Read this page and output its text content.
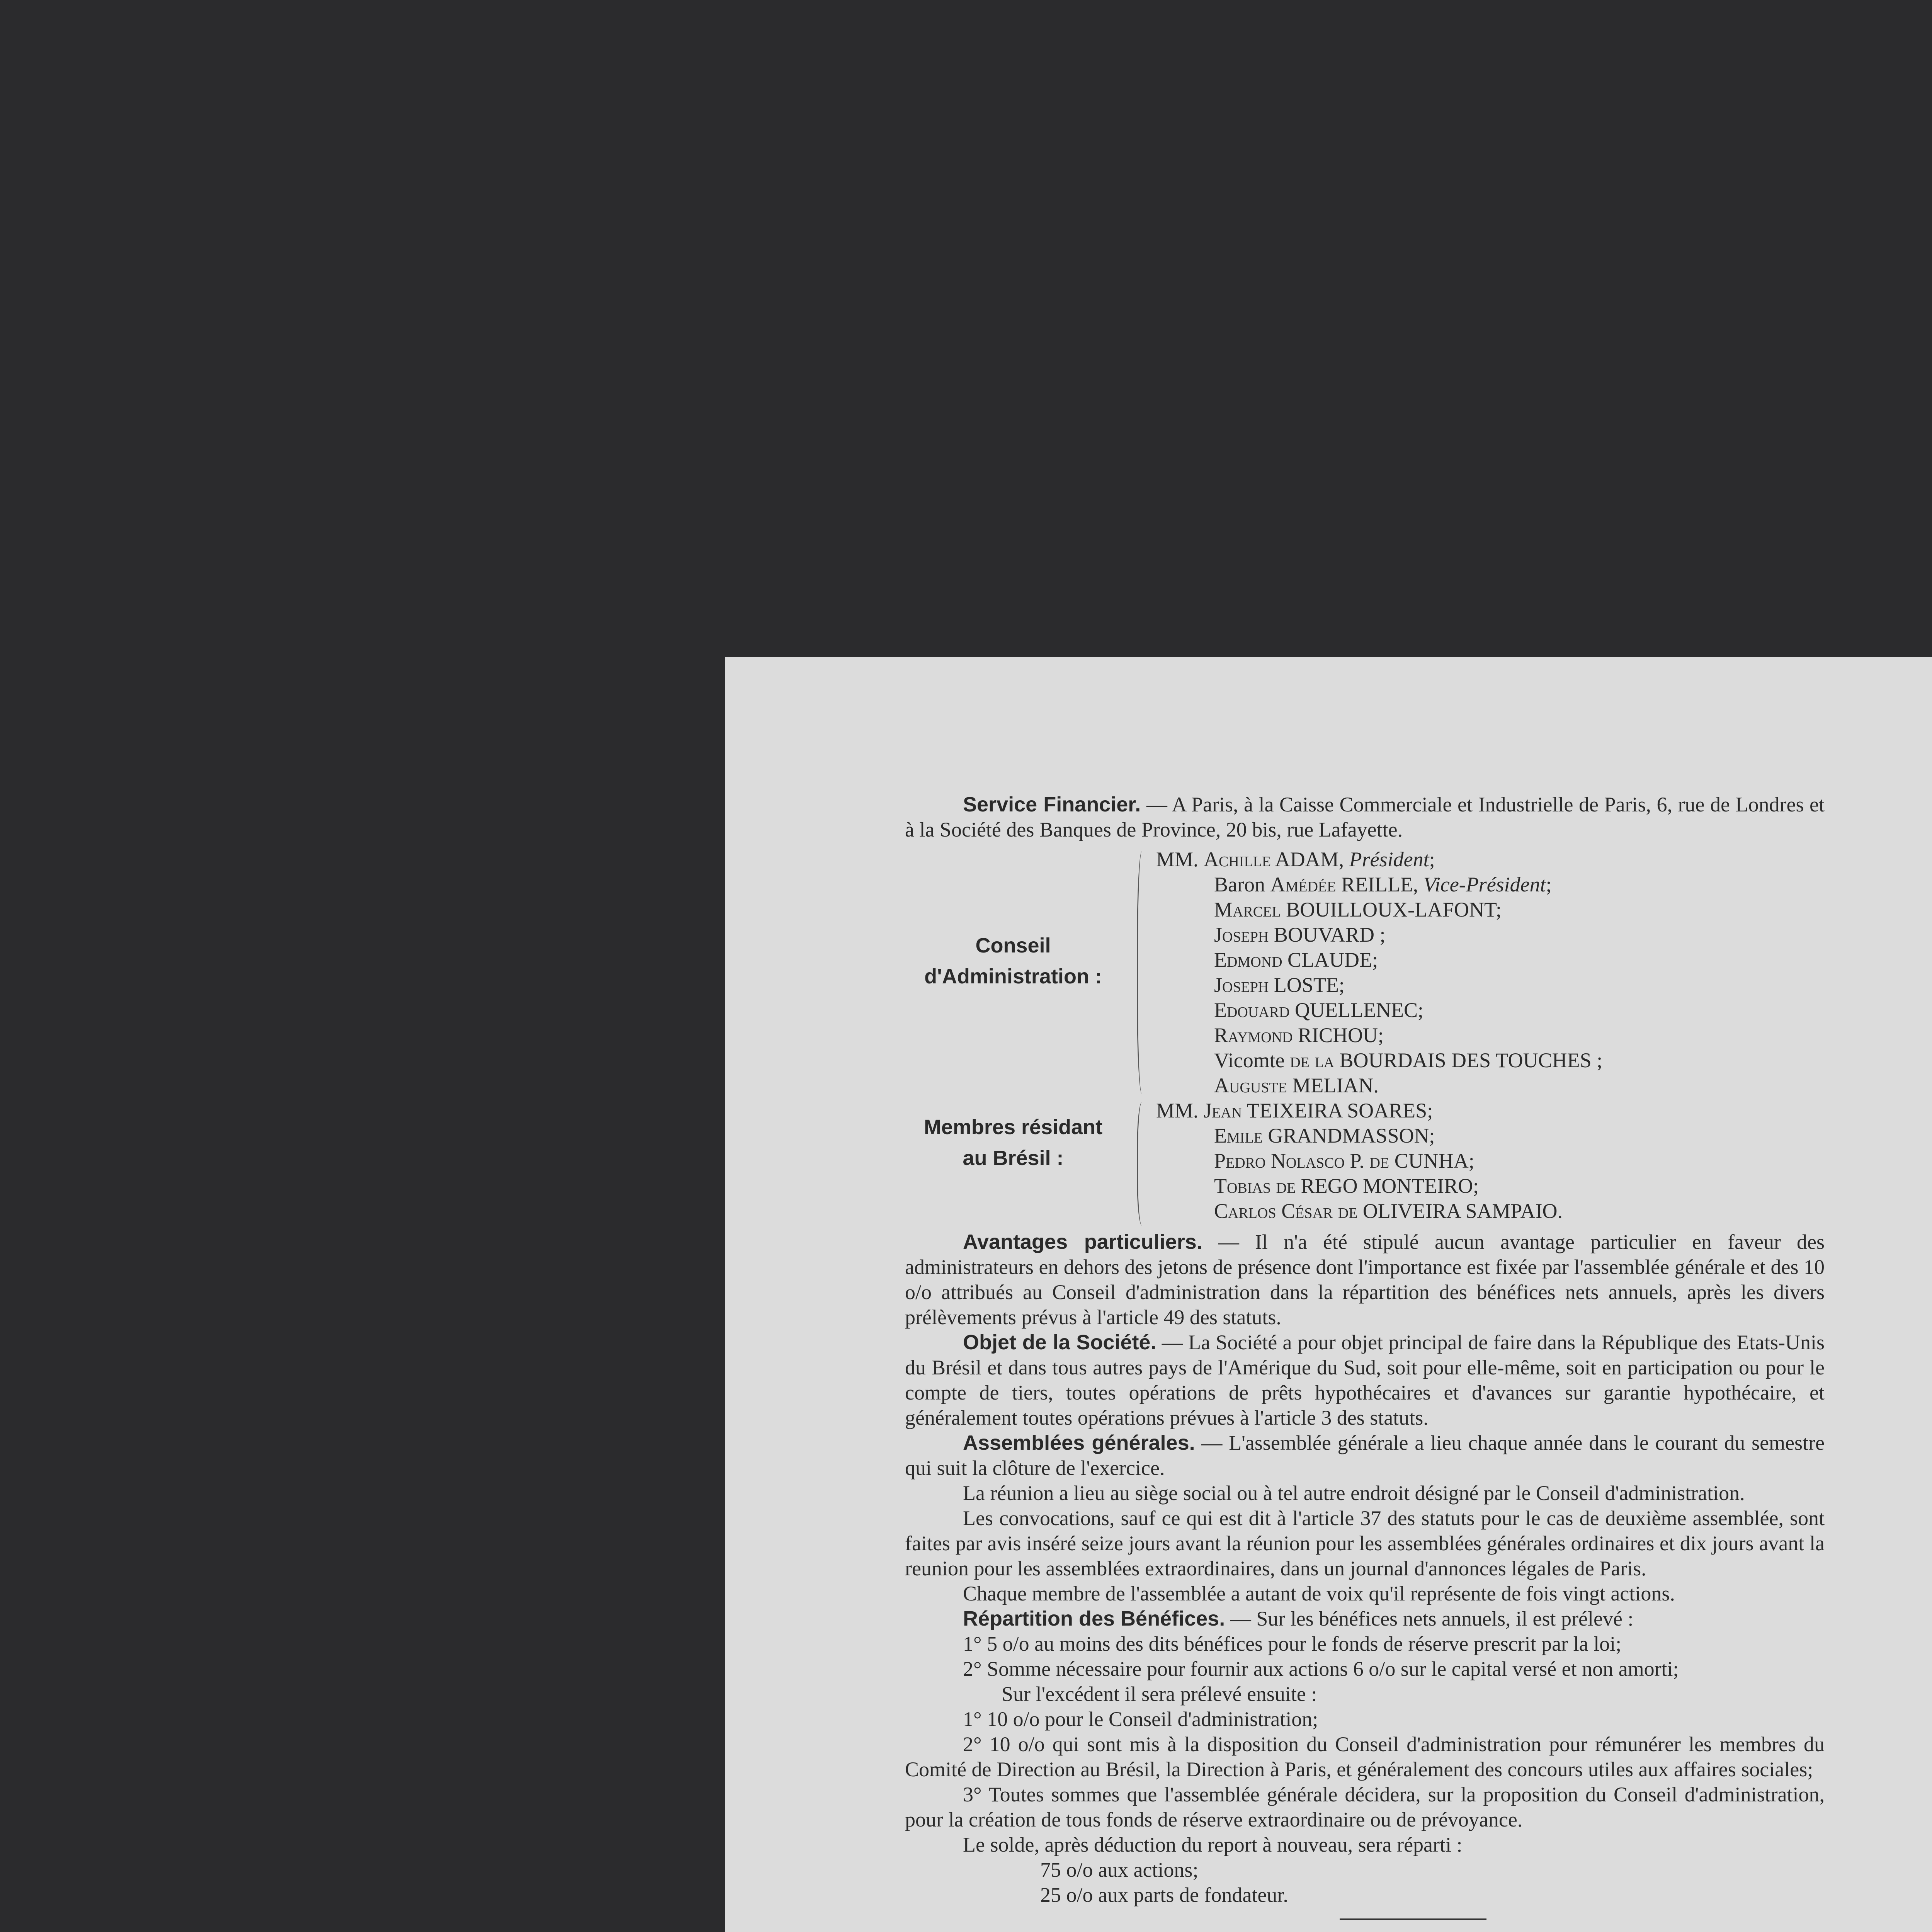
Service Financier. — A Paris, à la Caisse Commerciale et Industrielle de Paris, 6, rue de Londres et à la Société des Banques de Province, 20 bis, rue Lafayette.

Conseil
d'Administration :
MM. Achille ADAM, Président;
Baron Amédée REILLE, Vice-Président;
Marcel BOUILLOUX-LAFONT;
Joseph BOUVARD ;
Edmond CLAUDE;
Joseph LOSTE;
Edouard QUELLENEC;
Raymond RICHOU;
Vicomte de la BOURDAIS DES TOUCHES ;
Auguste MELIAN.
Membres résidant
au Brésil :
MM. Jean TEIXEIRA SOARES;
Emile GRANDMASSON;
Pedro Nolasco P. de CUNHA;
Tobias de REGO MONTEIRO;
Carlos César de OLIVEIRA SAMPAIO.

Avantages particuliers. — Il n'a été stipulé aucun avantage particulier en faveur des administrateurs en dehors des jetons de présence dont l'importance est fixée par l'assemblée générale et des 10 o/o attribués au Conseil d'administration dans la répartition des bénéfices nets annuels, après les divers prélèvements prévus à l'article 49 des statuts.

Objet de la Société. — La Société a pour objet principal de faire dans la République des Etats-Unis du Brésil et dans tous autres pays de l'Amérique du Sud, soit pour elle-même, soit en participation ou pour le compte de tiers, toutes opérations de prêts hypothécaires et d'avances sur garantie hypothécaire, et généralement toutes opérations prévues à l'article 3 des statuts.

Assemblées générales. — L'assemblée générale a lieu chaque année dans le courant du semestre qui suit la clôture de l'exercice.

La réunion a lieu au siège social ou à tel autre endroit désigné par le Conseil d'administration.

Les convocations, sauf ce qui est dit à l'article 37 des statuts pour le cas de deuxième assemblée, sont faites par avis inséré seize jours avant la réunion pour les assemblées générales ordinaires et dix jours avant la reunion pour les assemblées extraordinaires, dans un journal d'annonces légales de Paris.

Chaque membre de l'assemblée a autant de voix qu'il représente de fois vingt actions.

Répartition des Bénéfices. — Sur les bénéfices nets annuels, il est prélevé :

1° 5 o/o au moins des dits bénéfices pour le fonds de réserve prescrit par la loi;

2° Somme nécessaire pour fournir aux actions 6 o/o sur le capital versé et non amorti;

Sur l'excédent il sera prélevé ensuite :

1° 10 o/o pour le Conseil d'administration;

2° 10 o/o qui sont mis à la disposition du Conseil d'administration pour rémunérer les membres du Comité de Direction au Brésil, la Direction à Paris, et généralement des concours utiles aux affaires sociales;

3° Toutes sommes que l'assemblée générale décidera, sur la proposition du Conseil d'administration, pour la création de tous fonds de réserve extraordinaire ou de prévoyance.

Le solde, après déduction du report à nouveau, sera réparti :

75 o/o aux actions;

25 o/o aux parts de fondateur.
